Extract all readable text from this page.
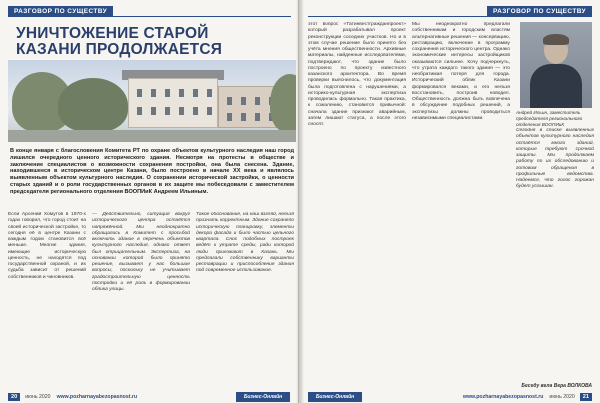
РАЗГОВОР ПО СУЩЕСТВУ
УНИЧТОЖЕНИЕ СТАРОЙ КАЗАНИ ПРОДОЛЖАЕТСЯ
В конце января с благословения Комитета РТ по охране объектов культурного наследия наш город лишился очередного ценного исторического здания. Несмотря на протесты в обществе и заключение специалистов о возможности сохранения постройки, она была снесена. Здание, находившееся в историческом центре Казани, было построено в начале XX века и являлось выявленным объектом культурного наследия. О сохранении исторической застройки, о ценности старых зданий и о роли государственных органов в их защите мы побеседовали с заместителем председателя регионального отделения ВООПИиК Андреем Ильиным.
Если Арсений Хомутов в 1970-х годах говорил, что город стоит на своей исторической застройке, то сегодня её в центре Казани с каждым годом становится всё меньше. Многие здания, имеющие историческую ценность, не находятся под государственной охраной, и их судьба зависит от решений собственников и чиновников.
— Действительно, ситуация вокруг исторического центра остаётся напряжённой. Мы неоднократно обращались в Комитет с просьбой включить здание в перечень объектов культурного наследия, однако ответ был отрицательным. Экспертиза, на основании которой было принято решение, вызывает у нас большие вопросы, поскольку не учитывает градостроительную ценность постройки и её роль в формировании облика улицы.
Такое обоснование, на наш взгляд, нельзя признать корректным. Здание сохраняло историческую планировку, элементы декора фасада и было частью цельного квартала. Снос подобных построек ведёт к утрате среды, ради которой люди приезжают в Казань. Мы предлагали собственнику варианты реставрации и приспособления здания под современное использование.
20	июнь 2020 www.pozharnayabezopasnost.ru	Бизнес-Онлайн
РАЗГОВОР ПО СУЩЕСТВУ
этот вопрос «Татинвестгражданпроект» который разрабатывал проект реконструкции соседних участков. Но и в этом случае решение было принято без учёта мнения общественности. Архивные материалы, найденные исследователями, подтверждают, что здание было построено по проекту известного казанского архитектора. Во время проверки выяснилось, что документация была подготовлена с нарушениями, а историко-культурная экспертиза проводилась формально. Такая практика, к сожалению, становится привычной: сначала здание признают аварийным, затем лишают статуса, а после этого сносят.
Мы неоднократно предлагали собственникам и городским властям альтернативные решения — консервацию, реставрацию, включение в программу сохранения исторического центра. Однако экономические интересы застройщиков оказываются сильнее. Хочу подчеркнуть, что утрата каждого такого здания — это необратимая потеря для города. Исторический облик Казани формировался веками, и его нельзя восстановить, построив новодел. Общественность должна быть вовлечена в обсуждение подобных решений, а экспертизы должны проводиться независимыми специалистами.
Андрей Ильин, заместитель председателя регионального отделения ВООПИиК
Сегодня в списке выявленных объектов культурного наследия остаётся много зданий, которые требуют срочной защиты. Мы продолжаем работу по их обследованию и готовим обращения в профильные ведомства. Надеемся, что голос горожан будет услышан.
Беседу вела Вера ВОЛКОВА
Бизнес-Онлайн	www.pozharnayabezopasnost.ru июнь 2020	21
